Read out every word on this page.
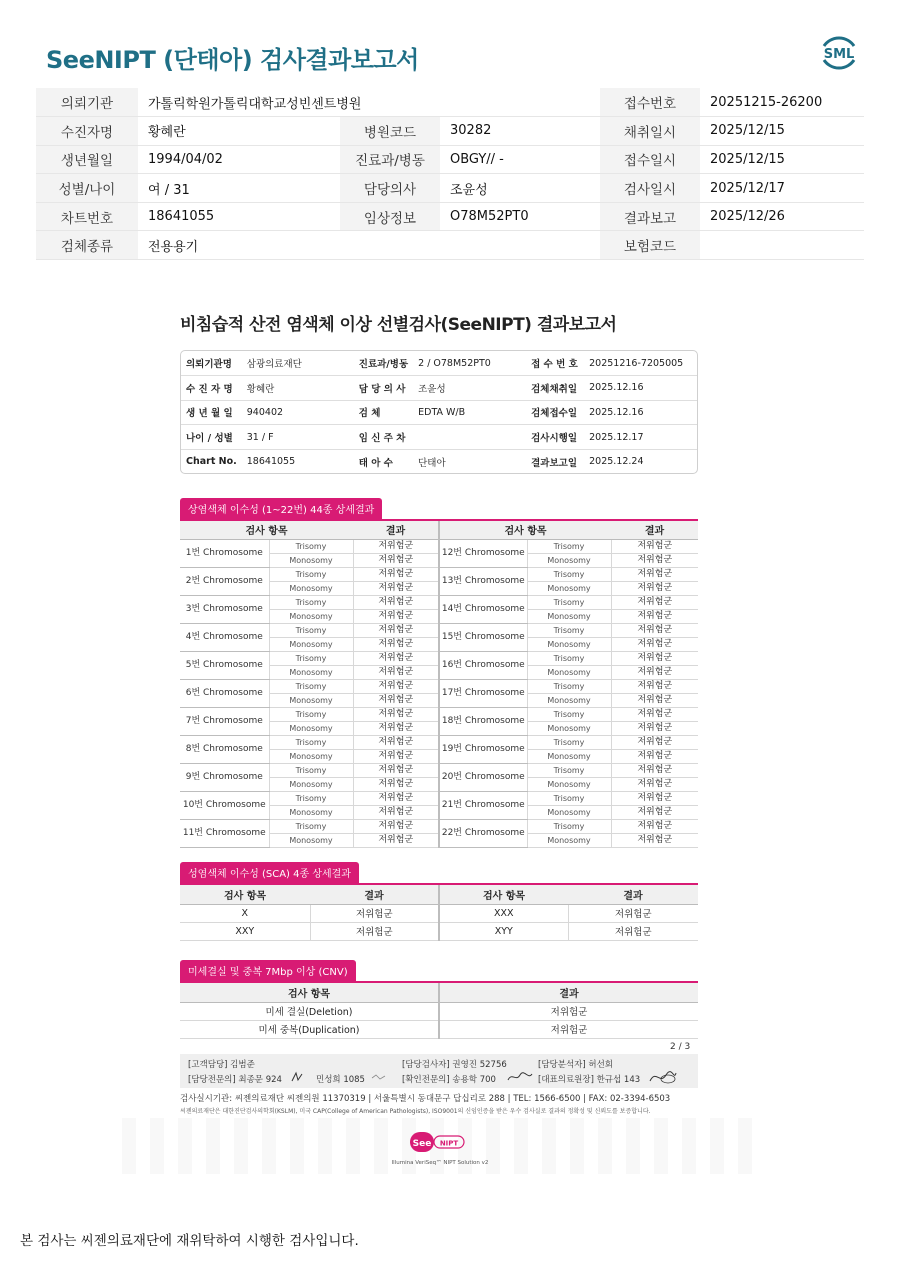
SeeNIPT (단태아) 검사결과보고서	SML
의뢰기관	가톨릭학원가톨릭대학교성빈센트병원			접수번호	20251215-26200
수진자명	황혜란	병원코드	30282	채취일시	2025/12/15
생년월일	1994/04/02	진료과/병동	OBGY// -	접수일시	2025/12/15
성별/나이	여 / 31	담당의사	조윤성	검사일시	2025/12/17
차트번호	18641055	임상정보	O78M52PT0	결과보고	2025/12/26
검체종류	전용용기			보험코드	
비침습적 산전 염색체 이상 선별검사(SeeNIPT) 결과보고서
의뢰기관명	삼광의료재단	진료과/병동	2 / O78M52PT0	접 수 번 호	20251216-7205005
수 진 자 명	황혜란	담 당 의 사	조윤성	검체채취일	2025.12.16
생 년 월 일	940402	검 체	EDTA W/B	검체접수일	2025.12.16
나이 / 성별	31 / F	임 신 주 차		검사시행일	2025.12.17
Chart No.	18641055	태 아 수	단태아	결과보고일	2025.12.24
상염색체 이수성 (1~22번) 44종 상세결과
검사 항목		결과	검사 항목		결과
1번 Chromosome	Trisomy	저위험군	12번 Chromosome	Trisomy	저위험군
	Monosomy	저위험군		Monosomy	저위험군
2번 Chromosome	Trisomy	저위험군	13번 Chromosome	Trisomy	저위험군
	Monosomy	저위험군		Monosomy	저위험군
3번 Chromosome	Trisomy	저위험군	14번 Chromosome	Trisomy	저위험군
	Monosomy	저위험군		Monosomy	저위험군
4번 Chromosome	Trisomy	저위험군	15번 Chromosome	Trisomy	저위험군
	Monosomy	저위험군		Monosomy	저위험군
5번 Chromosome	Trisomy	저위험군	16번 Chromosome	Trisomy	저위험군
	Monosomy	저위험군		Monosomy	저위험군
6번 Chromosome	Trisomy	저위험군	17번 Chromosome	Trisomy	저위험군
	Monosomy	저위험군		Monosomy	저위험군
7번 Chromosome	Trisomy	저위험군	18번 Chromosome	Trisomy	저위험군
	Monosomy	저위험군		Monosomy	저위험군
8번 Chromosome	Trisomy	저위험군	19번 Chromosome	Trisomy	저위험군
	Monosomy	저위험군		Monosomy	저위험군
9번 Chromosome	Trisomy	저위험군	20번 Chromosome	Trisomy	저위험군
	Monosomy	저위험군		Monosomy	저위험군
10번 Chromosome	Trisomy	저위험군	21번 Chromosome	Trisomy	저위험군
	Monosomy	저위험군		Monosomy	저위험군
11번 Chromosome	Trisomy	저위험군	22번 Chromosome	Trisomy	저위험군
	Monosomy	저위험군		Monosomy	저위험군
성염색체 이수성 (SCA) 4종 상세결과
검사 항목	결과	검사 항목	결과
X	저위험군	XXX	저위험군
XXY	저위험군	XYY	저위험군
미세결실 및 중복 7Mbp 이상 (CNV)
검사 항목	결과
미세 결실(Deletion)	저위험군
미세 중복(Duplication)	저위험군
2 / 3
[고객담당] 김범준	[담당검사자] 권영진 52756	[담당분석자] 허선회
[담당전문의] 최종문 924	민성희 1085	[확인전문의] 송용학 700	[대표의료원장] 한규섭 143
검사실시기관: 씨젠의료재단 씨젠의원 11370319 | 서울특별시 동대문구 답십리로 288 | TEL: 1566-6500 | FAX: 02-3394-6503
씨젠의료재단은 대한진단검사의학회(KSLM), 미국 CAP(College of American Pathologists), ISO9001의 신임인증을 받은 우수 검사실로 결과의 정확성 및 신뢰도를 보증합니다.
See NIPT
Illumina VeriSeq™ NIPT Solution v2
본 검사는 씨젠의료재단에 재위탁하여 시행한 검사입니다.
